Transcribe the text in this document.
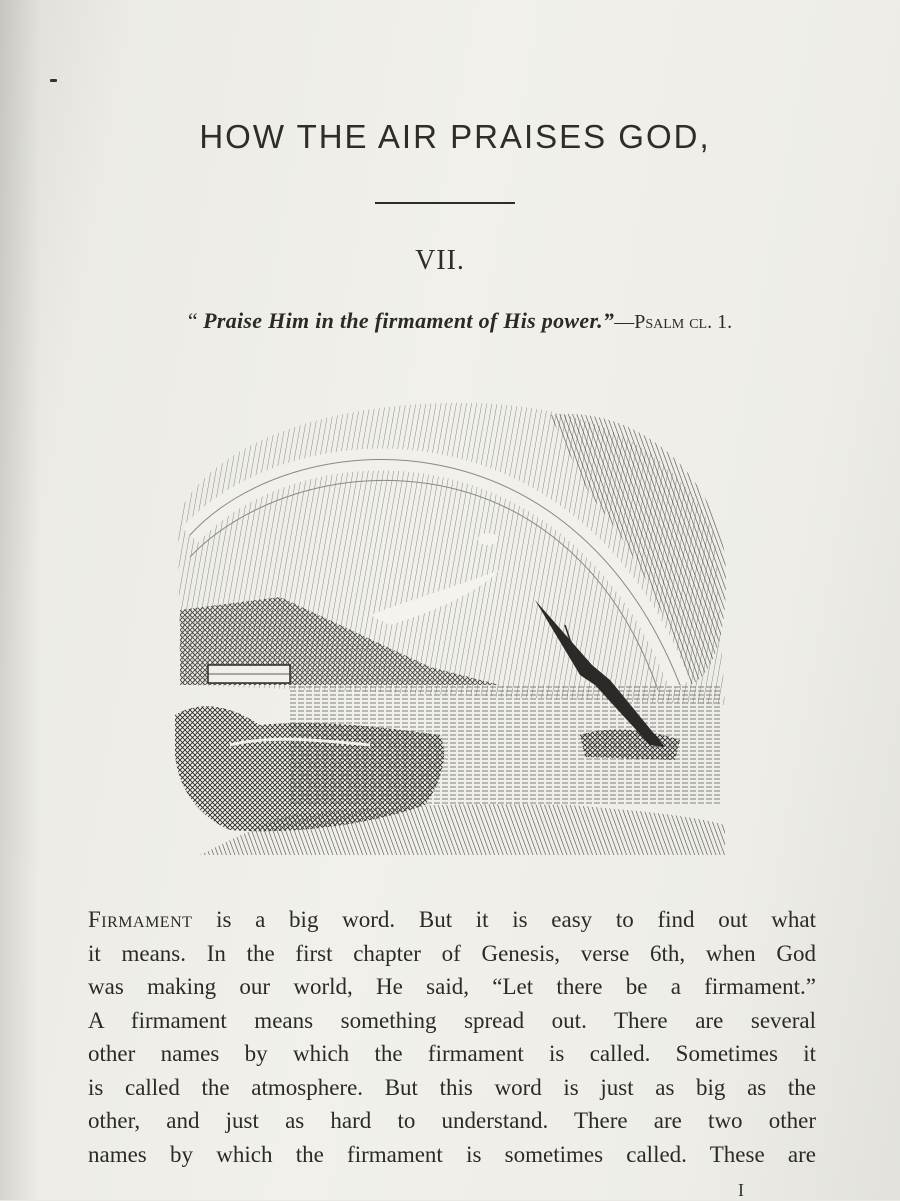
HOW THE AIR PRAISES GOD,
VII.
“ Praise Him in the firmament of His power.”—Psalm cl. 1.
Firmament is a big word. But it is easy to find out what
it means. In the first chapter of Genesis, verse 6th, when God
was making our world, He said, “Let there be a firmament.”
A firmament means something spread out. There are several
other names by which the firmament is called. Sometimes it
is called the atmosphere. But this word is just as big as the
other, and just as hard to understand. There are two other
names by which the firmament is sometimes called. These are
I
